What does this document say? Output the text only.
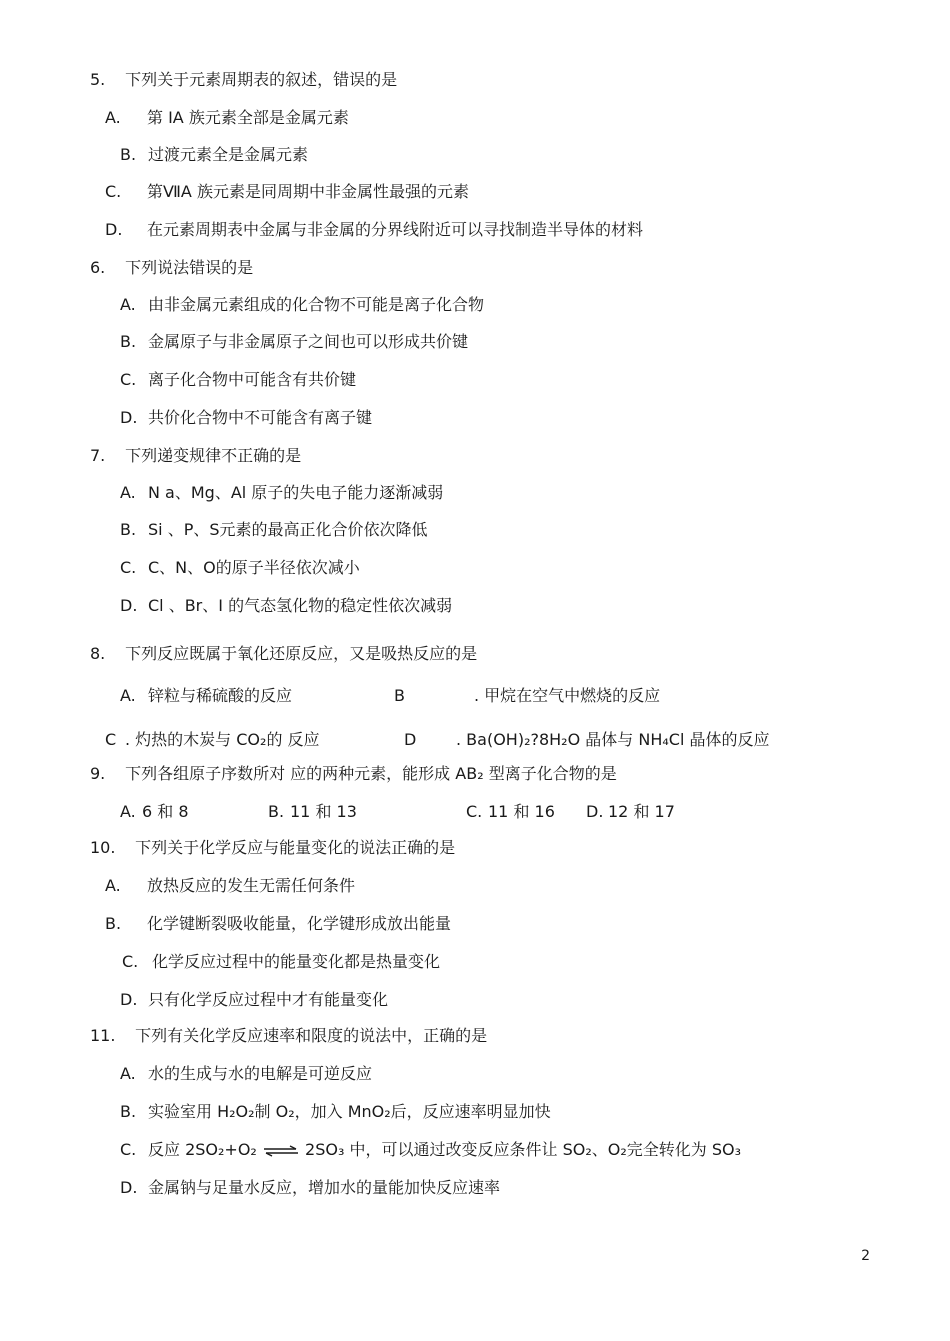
5. 下列关于元素周期表的叙述，错误的是
A. 第 IA 族元素全部是金属元素
B. 过渡元素全是金属元素
C. 第ⅦA 族元素是同周期中非金属性最强的元素
D. 在元素周期表中金属与非金属的分界线附近可以寻找制造半导体的材料
6. 下列说法错误的是
A. 由非金属元素组成的化合物不可能是离子化合物
B. 金属原子与非金属原子之间也可以形成共价键
C. 离子化合物中可能含有共价键
D. 共价化合物中不可能含有离子键
7. 下列递变规律不正确的是
A. N a、Mg、Al 原子的失电子能力逐渐减弱
B. Si 、P、S元素的最高正化合价依次降低
C. C、N、O的原子半径依次减小
D. Cl 、Br、I 的气态氢化物的稳定性依次减弱
8. 下列反应既属于氧化还原反应，又是吸热反应的是
A. 锌粒与稀硫酸的反应	B	. 甲烷在空气中燃烧的反应
C . 灼热的木炭与 CO₂的 反应	D . Ba(OH)₂?8H₂O 晶体与 NH₄Cl 晶体的反应
9. 下列各组原子序数所对 应的两种元素，能形成 AB₂ 型离子化合物的是
A. 6 和 8	B. 11 和 13	C. 11 和 16 D. 12 和 17
10. 下列关于化学反应与能量变化的说法正确的是
A. 放热反应的发生无需任何条件
B. 化学键断裂吸收能量，化学键形成放出能量
C. 化学反应过程中的能量变化都是热量变化
D. 只有化学反应过程中才有能量变化
11. 下列有关化学反应速率和限度的说法中，正确的是
A. 水的生成与水的电解是可逆反应
B. 实验室用 H₂O₂制 O₂，加入 MnO₂后，反应速率明显加快
C. 反应 2SO₂+O₂ ⇌ 2SO₃ 中，可以通过改变反应条件让 SO₂、O₂完全转化为 SO₃
D. 金属钠与足量水反应，增加水的量能加快反应速率
2
